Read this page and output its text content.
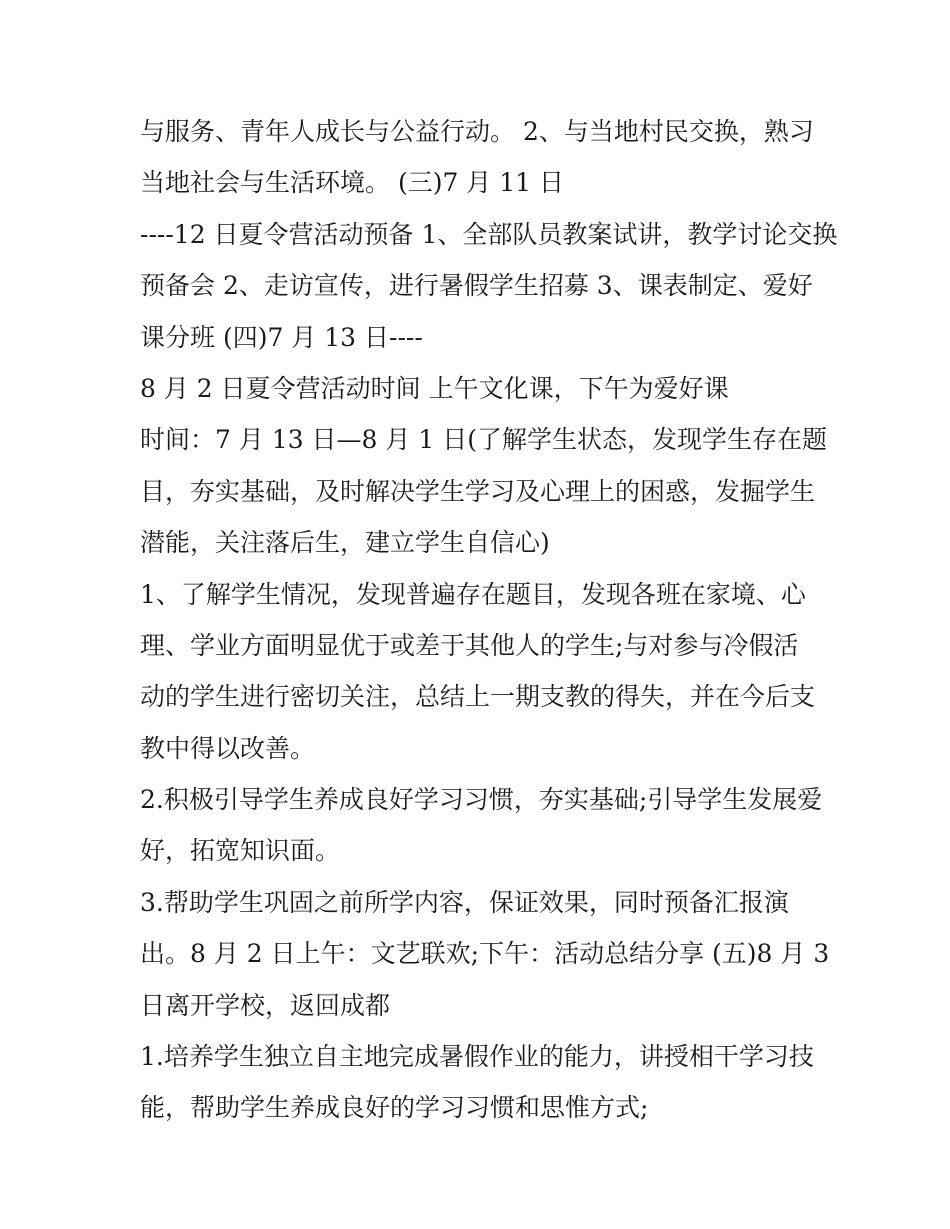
与服务、青年人成长与公益行动。 2、与当地村民交换，熟习
当地社会与生活环境。 (三)7 月 11 日
----12 日夏令营活动预备 1、全部队员教案试讲，教学讨论交换
预备会 2、走访宣传，进行暑假学生招募 3、课表制定、爱好
课分班 (四)7 月 13 日----
8 月 2 日夏令营活动时间 上午文化课，下午为爱好课
时间：7 月 13 日—8 月 1 日(了解学生状态，发现学生存在题
目，夯实基础，及时解决学生学习及心理上的困惑，发掘学生
潜能，关注落后生，建立学生自信心)
1、了解学生情况，发现普遍存在题目，发现各班在家境、心
理、学业方面明显优于或差于其他人的学生;与对参与冷假活
动的学生进行密切关注，总结上一期支教的得失，并在今后支
教中得以改善。
2.积极引导学生养成良好学习习惯，夯实基础;引导学生发展爱
好，拓宽知识面。
3.帮助学生巩固之前所学内容，保证效果，同时预备汇报演
出。8 月 2 日上午：文艺联欢;下午：活动总结分享 (五)8 月 3
日离开学校，返回成都
1.培养学生独立自主地完成暑假作业的能力，讲授相干学习技
能，帮助学生养成良好的学习习惯和思惟方式;
